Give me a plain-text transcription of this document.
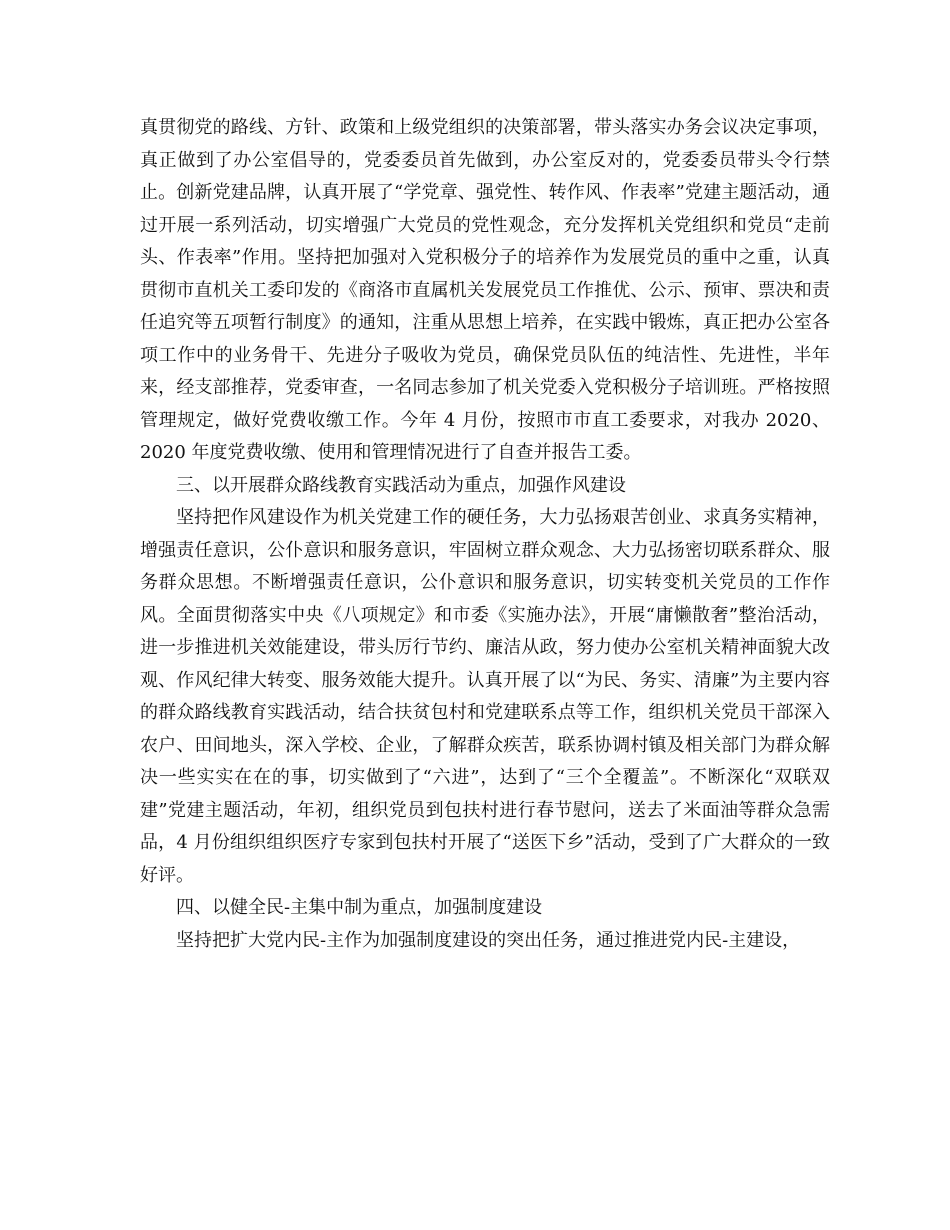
真贯彻党的路线、方针、政策和上级党组织的决策部署，带头落实办务会议决定事项，真正做到了办公室倡导的，党委委员首先做到，办公室反对的，党委委员带头令行禁止。创新党建品牌，认真开展了“学党章、强党性、转作风、作表率”党建主题活动，通过开展一系列活动，切实增强广大党员的党性观念，充分发挥机关党组织和党员“走前头、作表率”作用。坚持把加强对入党积极分子的培养作为发展党员的重中之重，认真贯彻市直机关工委印发的《商洛市直属机关发展党员工作推优、公示、预审、票决和责任追究等五项暂行制度》的通知，注重从思想上培养，在实践中锻炼，真正把办公室各项工作中的业务骨干、先进分子吸收为党员，确保党员队伍的纯洁性、先进性，半年来，经支部推荐，党委审查，一名同志参加了机关党委入党积极分子培训班。严格按照管理规定，做好党费收缴工作。今年 4 月份，按照市市直工委要求，对我办 2020、2020 年度党费收缴、使用和管理情况进行了自查并报告工委。

三、以开展群众路线教育实践活动为重点，加强作风建设

坚持把作风建设作为机关党建工作的硬任务，大力弘扬艰苦创业、求真务实精神，增强责任意识，公仆意识和服务意识，牢固树立群众观念、大力弘扬密切联系群众、服务群众思想。不断增强责任意识，公仆意识和服务意识，切实转变机关党员的工作作风。全面贯彻落实中央《八项规定》和市委《实施办法》，开展“庸懒散奢”整治活动，进一步推进机关效能建设，带头厉行节约、廉洁从政，努力使办公室机关精神面貌大改观、作风纪律大转变、服务效能大提升。认真开展了以“为民、务实、清廉”为主要内容的群众路线教育实践活动，结合扶贫包村和党建联系点等工作，组织机关党员干部深入农户、田间地头，深入学校、企业，了解群众疾苦，联系协调村镇及相关部门为群众解决一些实实在在的事，切实做到了“六进”，达到了“三个全覆盖”。不断深化“双联双建”党建主题活动，年初，组织党员到包扶村进行春节慰问，送去了米面油等群众急需品，4 月份组织组织医疗专家到包扶村开展了“送医下乡”活动，受到了广大群众的一致好评。

四、以健全民-主集中制为重点，加强制度建设

坚持把扩大党内民-主作为加强制度建设的突出任务，通过推进党内民-主建设，
